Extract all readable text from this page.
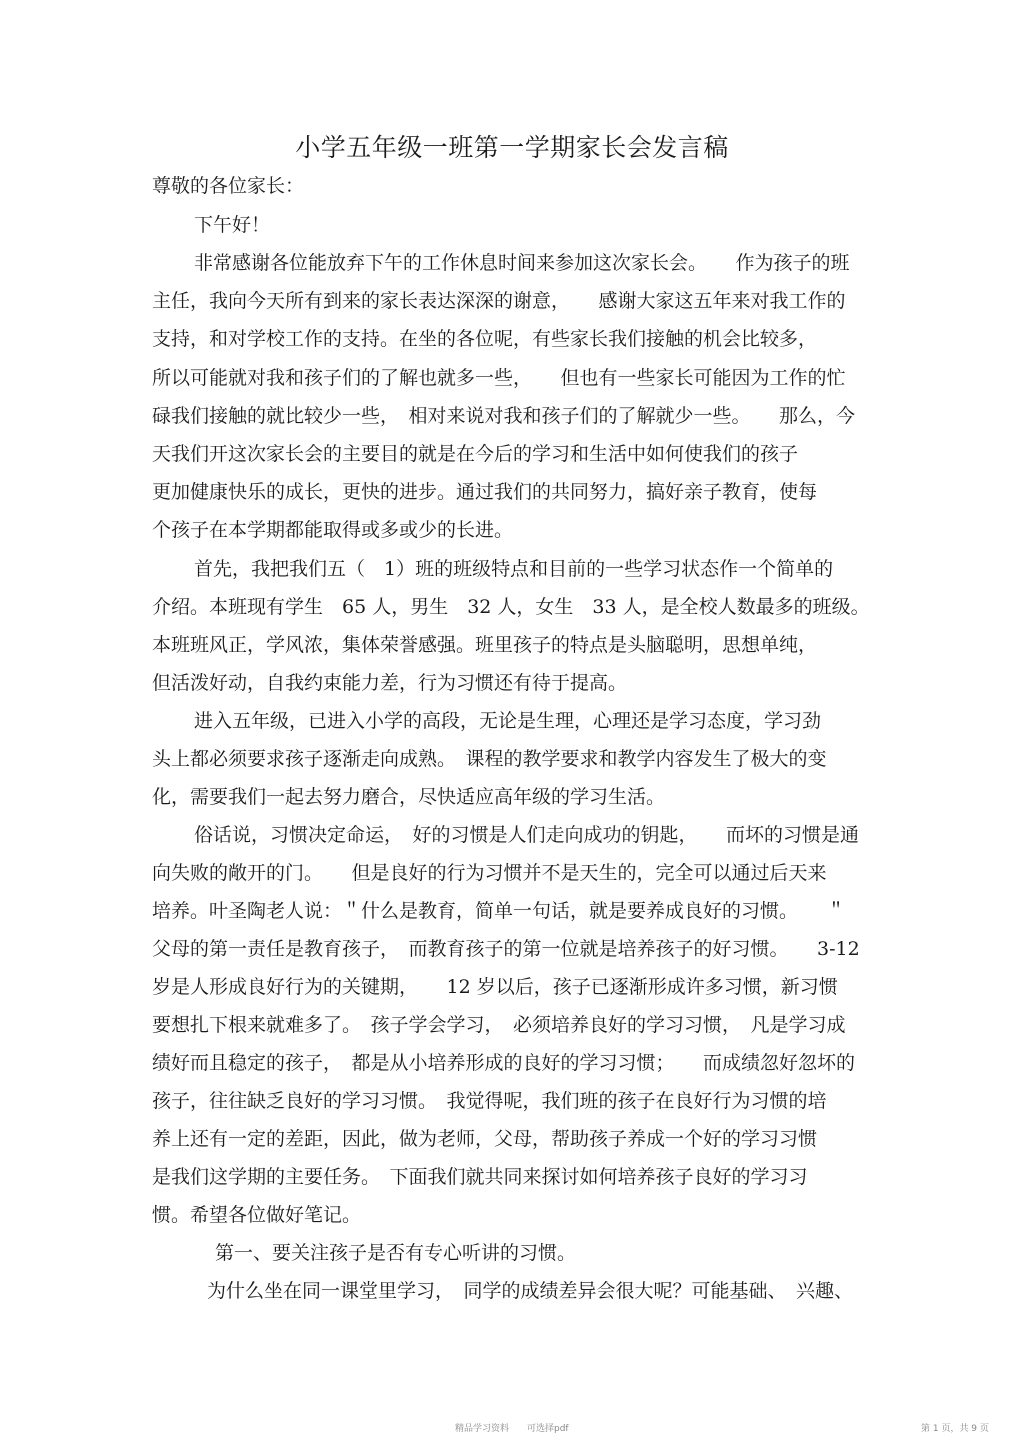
小学五年级一班第一学期家长会发言稿
尊敬的各位家长：
下午好！
非常感谢各位能放弃下午的工作休息时间来参加这次家长会。　　作为孩子的班
主任，我向今天所有到来的家长表达深深的谢意，　　感谢大家这五年来对我工作的
支持，和对学校工作的支持。在坐的各位呢，有些家长我们接触的机会比较多，
所以可能就对我和孩子们的了解也就多一些，　　但也有一些家长可能因为工作的忙
碌我们接触的就比较少一些，　相对来说对我和孩子们的了解就少一些。　　那么，今
天我们开这次家长会的主要目的就是在今后的学习和生活中如何使我们的孩子
更加健康快乐的成长，更快的进步。通过我们的共同努力，搞好亲子教育，使每
个孩子在本学期都能取得或多或少的长进。
首先，我把我们五（　1）班的班级特点和目前的一些学习状态作一个简单的
介绍。本班现有学生　65 人，男生　32 人，女生　33 人，是全校人数最多的班级。
本班班风正，学风浓，集体荣誉感强。班里孩子的特点是头脑聪明，思想单纯，
但活泼好动，自我约束能力差，行为习惯还有待于提高。
进入五年级，已进入小学的高段，无论是生理，心理还是学习态度，学习劲
头上都必须要求孩子逐渐走向成熟。　课程的教学要求和教学内容发生了极大的变
化，需要我们一起去努力磨合，尽快适应高年级的学习生活。
俗话说，习惯决定命运，　好的习惯是人们走向成功的钥匙，　　而坏的习惯是通
向失败的敞开的门。　　但是良好的行为习惯并不是天生的，完全可以通过后天来
培养。叶圣陶老人说：＂什么是教育，简单一句话，就是要养成良好的习惯。　　＂
父母的第一责任是教育孩子，　而教育孩子的第一位就是培养孩子的好习惯。　　3-12
岁是人形成良好行为的关键期，　　12 岁以后，孩子已逐渐形成许多习惯，新习惯
要想扎下根来就难多了。　孩子学会学习，　必须培养良好的学习习惯，　凡是学习成
绩好而且稳定的孩子，　都是从小培养形成的良好的学习习惯；　　而成绩忽好忽坏的
孩子，往往缺乏良好的学习习惯。　我觉得呢，我们班的孩子在良好行为习惯的培
养上还有一定的差距，因此，做为老师，父母，帮助孩子养成一个好的学习习惯
是我们这学期的主要任务。　下面我们就共同来探讨如何培养孩子良好的学习习
惯。希望各位做好笔记。
第一、要关注孩子是否有专心听讲的习惯。
为什么坐在同一课堂里学习，　同学的成绩差异会很大呢？可能基础、　兴趣、
精品学习资料　　可选择pdf	第 1 页，共 9 页
